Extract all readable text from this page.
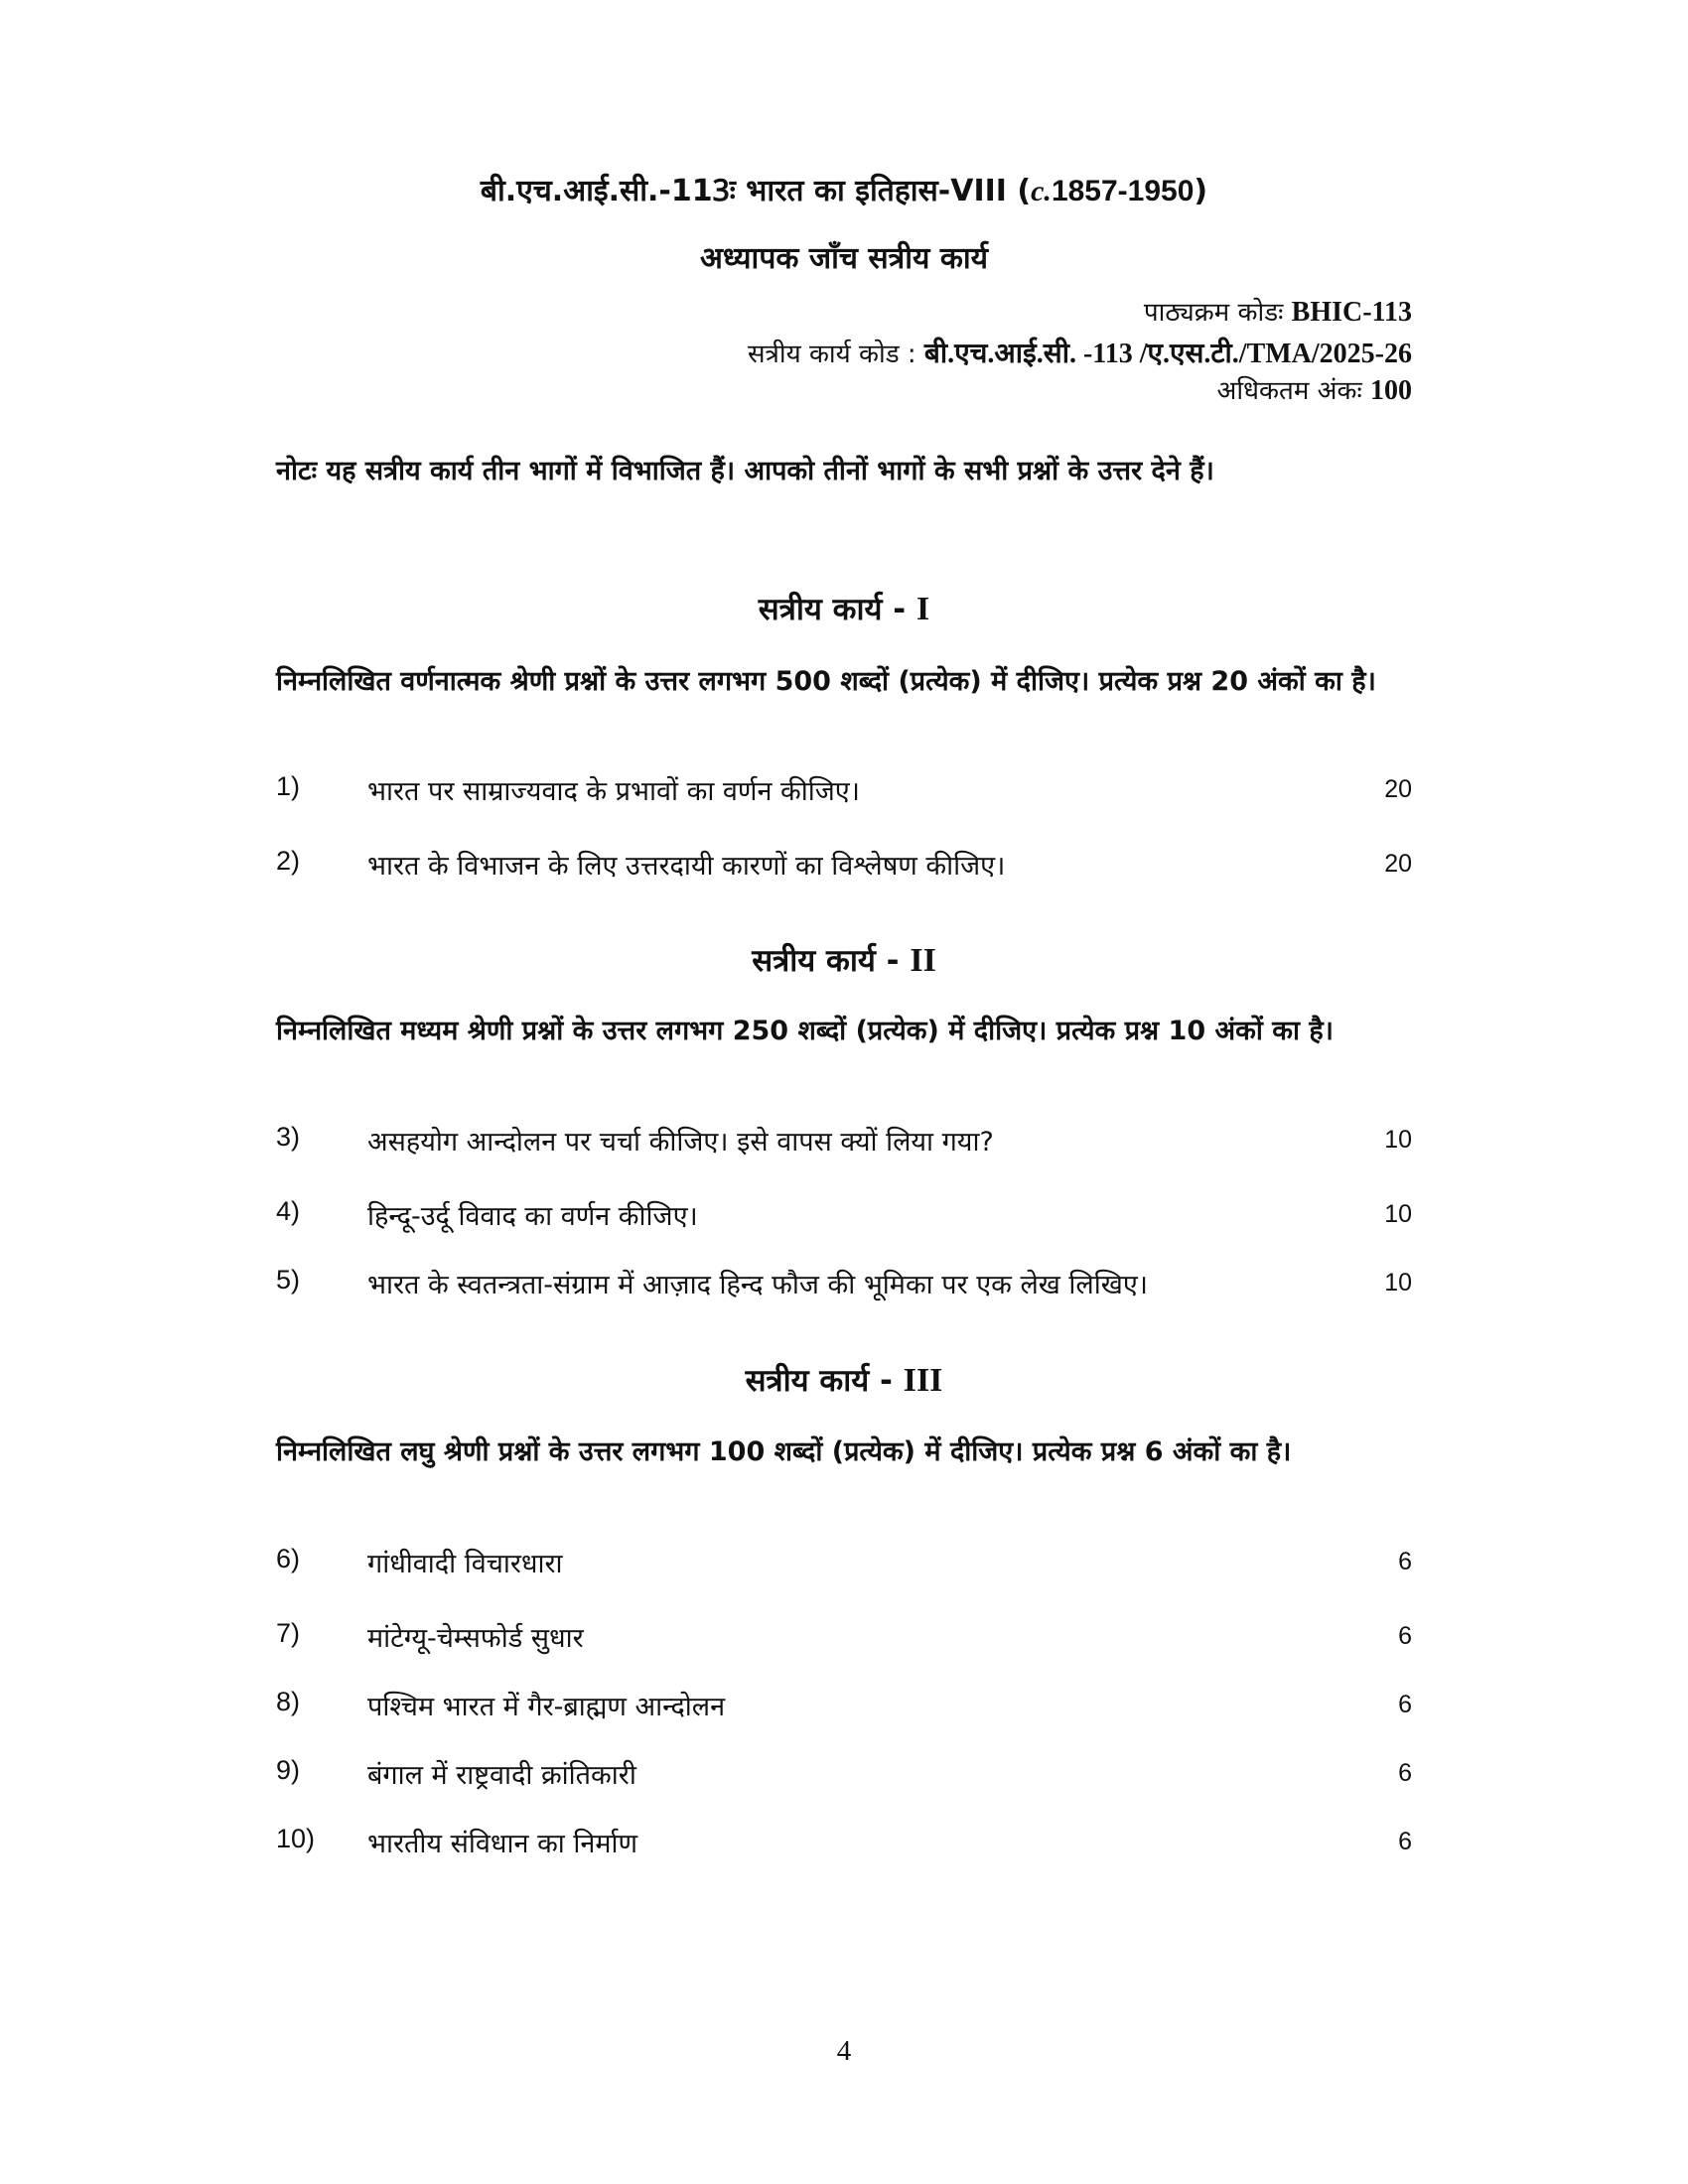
बी.एच.आई.सी.-113ः भारत का इतिहास-VIII (c.1857-1950)
अध्यापक जाँच सत्रीय कार्य
पाठ्यक्रम कोडः BHIC-113
सत्रीय कार्य कोड : बी.एच.आई.सी. -113 /ए.एस.टी./TMA/2025-26
अधिकतम अंकः 100
नोटः यह सत्रीय कार्य तीन भागों में विभाजित हैं। आपको तीनों भागों के सभी प्रश्नों के उत्तर देने हैं।
सत्रीय कार्य - I
निम्नलिखित वर्णनात्मक श्रेणी प्रश्नों के उत्तर लगभग 500 शब्दों (प्रत्येक) में दीजिए। प्रत्येक प्रश्न 20 अंकों का है।
1)	भारत पर साम्राज्यवाद के प्रभावों का वर्णन कीजिए।	20
2)	भारत के विभाजन के लिए उत्तरदायी कारणों का विश्लेषण कीजिए।	20
सत्रीय कार्य - II
निम्नलिखित मध्यम श्रेणी प्रश्नों के उत्तर लगभग 250 शब्दों (प्रत्येक) में दीजिए। प्रत्येक प्रश्न 10 अंकों का है।
3)	असहयोग आन्दोलन पर चर्चा कीजिए। इसे वापस क्यों लिया गया?	10
4)	हिन्दू-उर्दू विवाद का वर्णन कीजिए।	10
5)	भारत के स्वतन्त्रता-संग्राम में आज़ाद हिन्द फौज की भूमिका पर एक लेख लिखिए।	10
सत्रीय कार्य - III
निम्नलिखित लघु श्रेणी प्रश्नों के उत्तर लगभग 100 शब्दों (प्रत्येक) में दीजिए। प्रत्येक प्रश्न 6 अंकों का है।
6)	गांधीवादी विचारधारा	6
7)	मांटेग्यू-चेम्सफोर्ड सुधार	6
8)	पश्चिम भारत में गैर-ब्राह्मण आन्दोलन	6
9)	बंगाल में राष्ट्रवादी क्रांतिकारी	6
10) भारतीय संविधान का निर्माण	6
4
